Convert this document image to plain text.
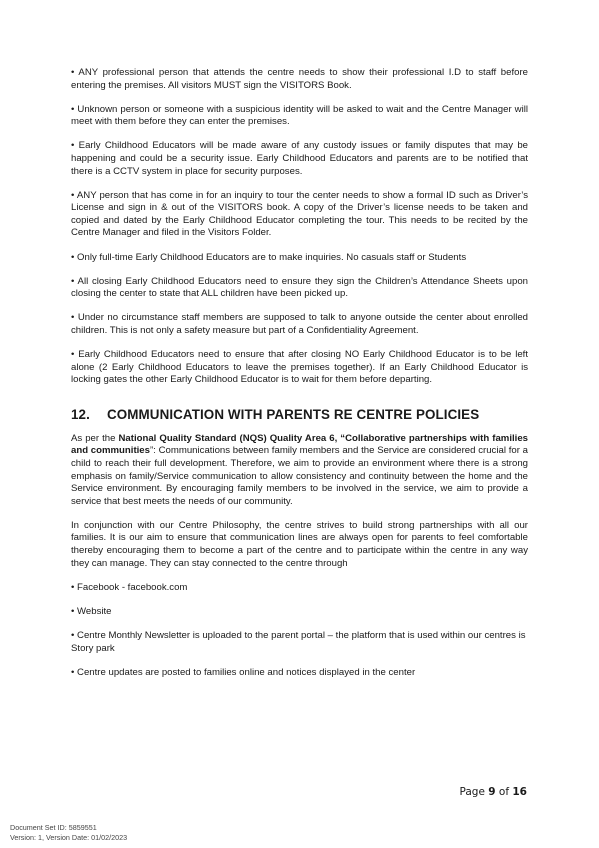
• ANY professional person that attends the centre needs to show their professional I.D to staff before entering the premises. All visitors MUST sign the VISITORS Book.

• Unknown person or someone with a suspicious identity will be asked to wait and the Centre Manager will meet with them before they can enter the premises.

• Early Childhood Educators will be made aware of any custody issues or family disputes that may be happening and could be a security issue. Early Childhood Educators and parents are to be notified that there is a CCTV system in place for security purposes.

• ANY person that has come in for an inquiry to tour the center needs to show a formal ID such as Driver’s License and sign in & out of the VISITORS book. A copy of the Driver’s license needs to be taken and copied and dated by the Early Childhood Educator completing the tour. This needs to be recited by the Centre Manager and filed in the Visitors Folder.

• Only full-time Early Childhood Educators are to make inquiries. No casuals staff or Students

• All closing Early Childhood Educators need to ensure they sign the Children’s Attendance Sheets upon closing the center to state that ALL children have been picked up.

• Under no circumstance staff members are supposed to talk to anyone outside the center about enrolled children. This is not only a safety measure but part of a Confidentiality Agreement.

• Early Childhood Educators need to ensure that after closing NO Early Childhood Educator is to be left alone (2 Early Childhood Educators to leave the premises together). If an Early Childhood Educator is locking gates the other Early Childhood Educator is to wait for them before departing.

12.	COMMUNICATION WITH PARENTS RE CENTRE POLICIES

As per the National Quality Standard (NQS) Quality Area 6, “Collaborative partnerships with families and communities”: Communications between family members and the Service are considered crucial for a child to reach their full development. Therefore, we aim to provide an environment where there is a strong emphasis on family/Service communication to allow consistency and continuity between the home and the Service environment. By encouraging family members to be involved in the service, we aim to provide a service that best meets the needs of our community.

In conjunction with our Centre Philosophy, the centre strives to build strong partnerships with all our families. It is our aim to ensure that communication lines are always open for parents to feel comfortable thereby encouraging them to become a part of the centre and to participate within the centre in any way they can manage. They can stay connected to the centre through

• Facebook - facebook.com

• Website

• Centre Monthly Newsletter is uploaded to the parent portal – the platform that is used within our centres is Story park

• Centre updates are posted to families online and notices displayed in the center

Page 9 of 16
Document Set ID: 5859551
Version: 1, Version Date: 01/02/2023
